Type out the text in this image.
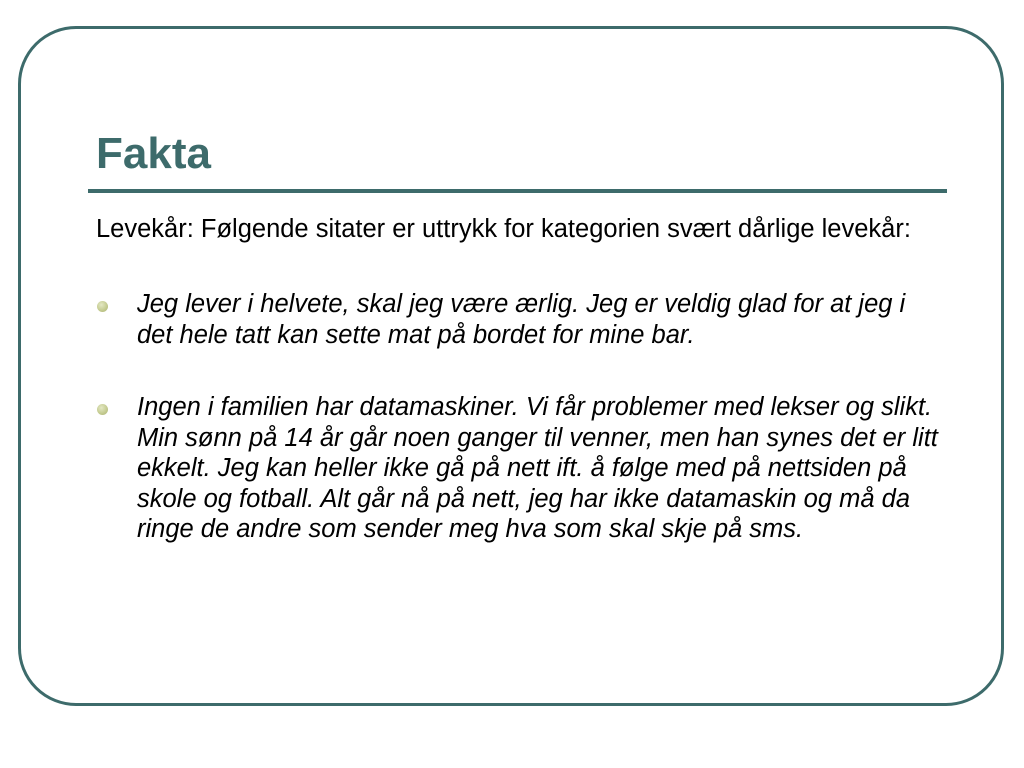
Fakta

Levekår: Følgende sitater er uttrykk for kategorien svært dårlige levekår:

Jeg lever i helvete, skal jeg være ærlig. Jeg er veldig glad for at jeg i det hele tatt kan sette mat på bordet for mine bar.
Ingen i familien har datamaskiner. Vi får problemer med lekser og slikt. Min sønn på 14 år går noen ganger til venner, men han synes det er litt ekkelt. Jeg kan heller ikke gå på nett ift. å følge med på nettsiden på skole og fotball. Alt går nå på nett, jeg har ikke datamaskin og må da ringe de andre som sender meg hva som skal skje på sms.
